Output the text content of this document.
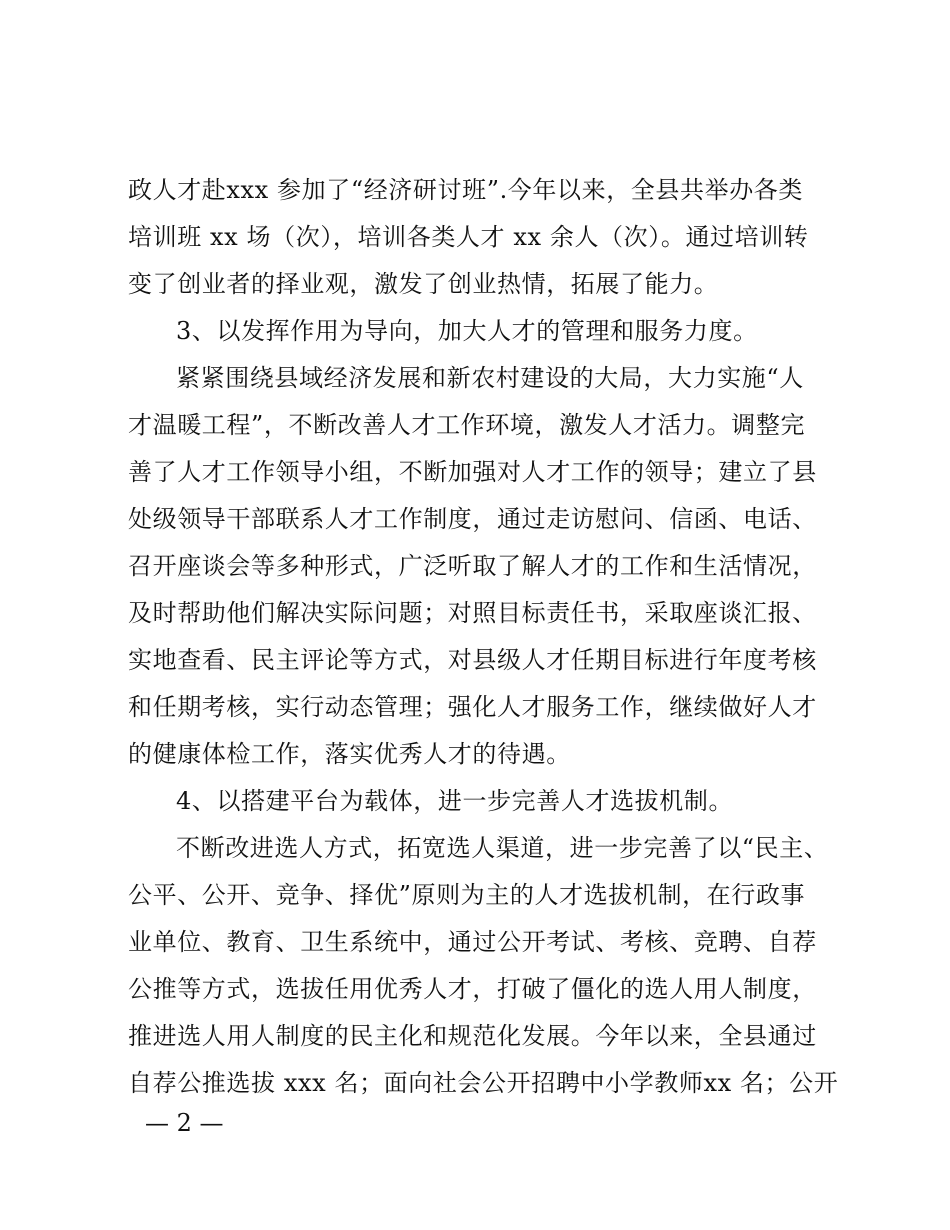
政人才赴xxx 参加了“经济研讨班”.今年以来，全县共举办各类
培训班 xx 场（次），培训各类人才 xx 余人（次）。通过培训转
变了创业者的择业观，激发了创业热情，拓展了能力。
3、以发挥作用为导向，加大人才的管理和服务力度。
紧紧围绕县域经济发展和新农村建设的大局，大力实施“人
才温暖工程”，不断改善人才工作环境，激发人才活力。调整完
善了人才工作领导小组，不断加强对人才工作的领导；建立了县
处级领导干部联系人才工作制度，通过走访慰问、信函、电话、
召开座谈会等多种形式，广泛听取了解人才的工作和生活情况，
及时帮助他们解决实际问题；对照目标责任书，采取座谈汇报、
实地查看、民主评论等方式，对县级人才任期目标进行年度考核
和任期考核，实行动态管理；强化人才服务工作，继续做好人才
的健康体检工作，落实优秀人才的待遇。
4、以搭建平台为载体，进一步完善人才选拔机制。
不断改进选人方式，拓宽选人渠道，进一步完善了以“民主、
公平、公开、竞争、择优”原则为主的人才选拔机制，在行政事
业单位、教育、卫生系统中，通过公开考试、考核、竞聘、自荐
公推等方式，选拔任用优秀人才，打破了僵化的选人用人制度，
推进选人用人制度的民主化和规范化发展。今年以来，全县通过
自荐公推选拔 xxx 名；面向社会公开招聘中小学教师xx 名；公开
— 2 —
